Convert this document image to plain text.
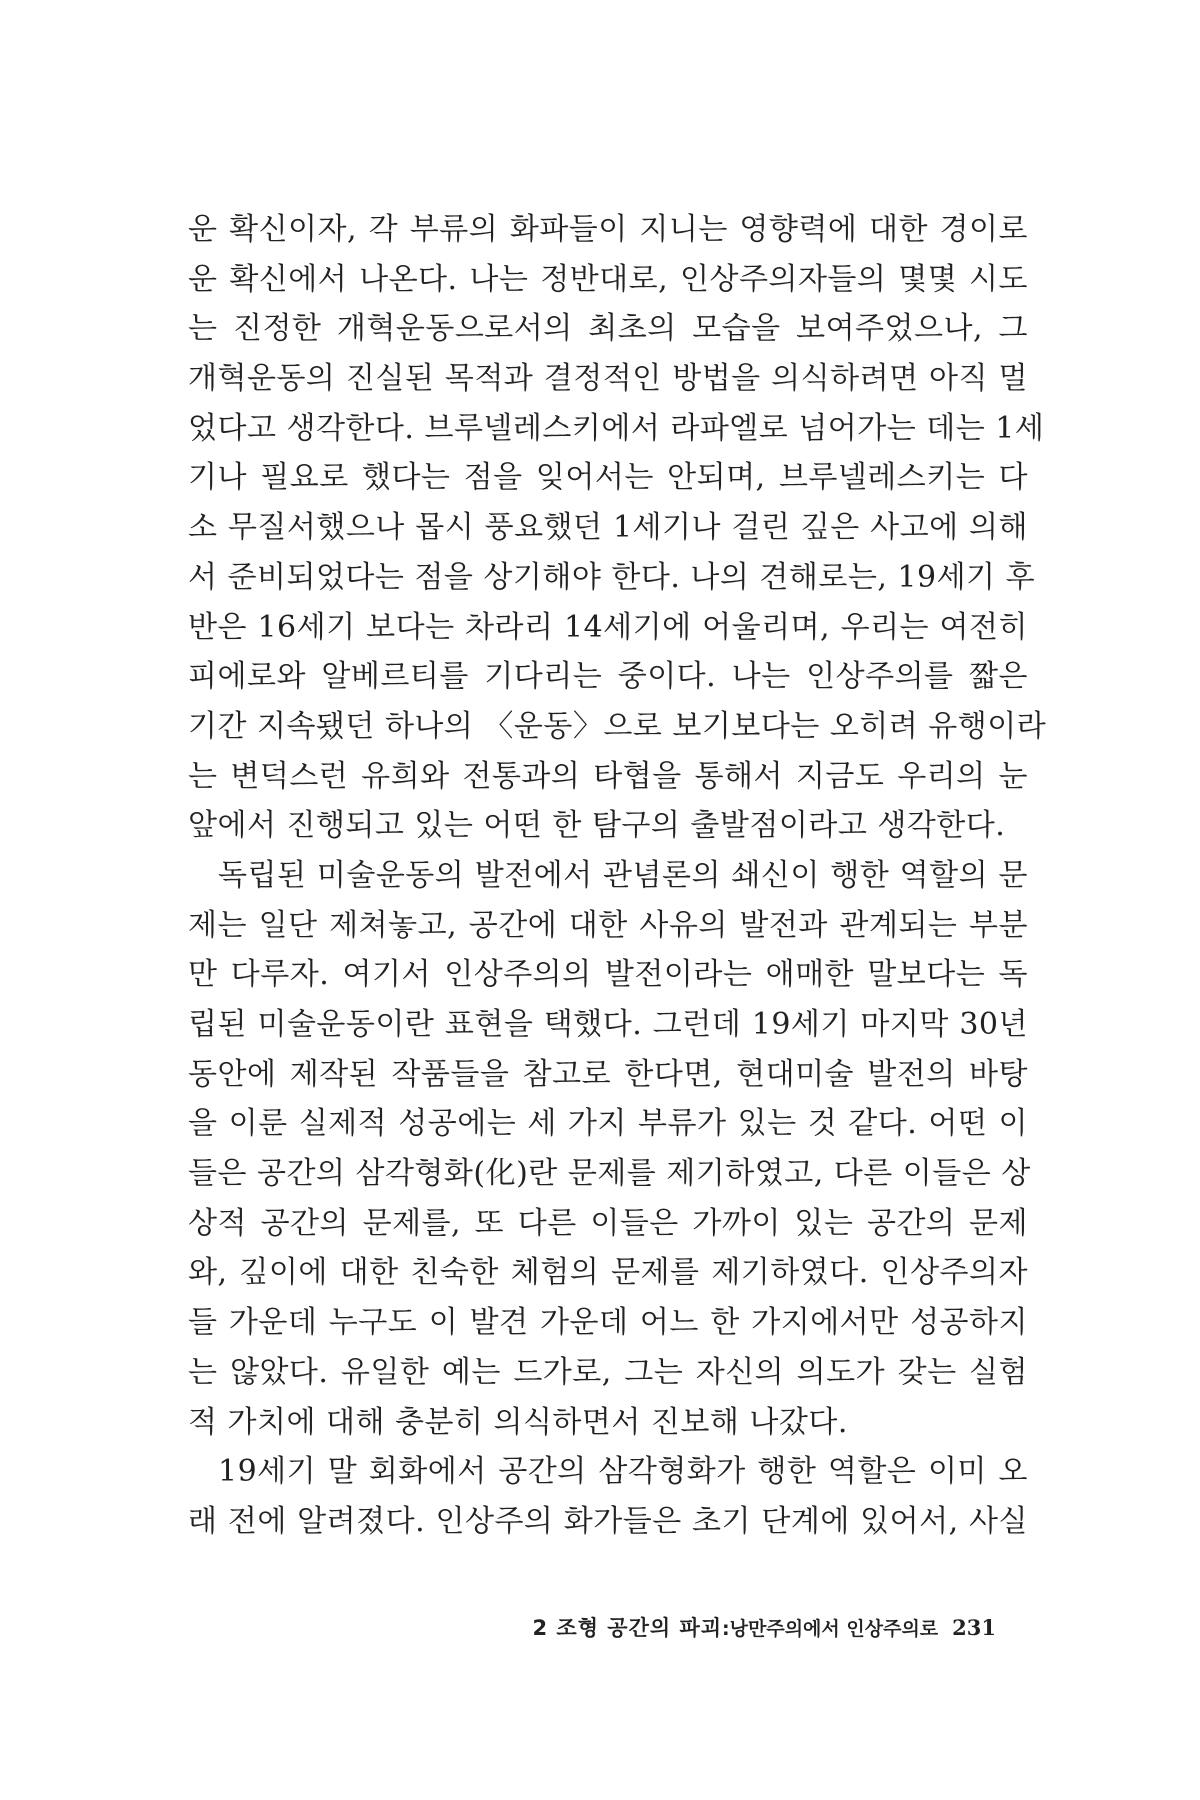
운 확신이자, 각 부류의 화파들이 지니는 영향력에 대한 경이로
운 확신에서 나온다. 나는 정반대로, 인상주의자들의 몇몇 시도
는 진정한 개혁운동으로서의 최초의 모습을 보여주었으나, 그
개혁운동의 진실된 목적과 결정적인 방법을 의식하려면 아직 멀
었다고 생각한다. 브루넬레스키에서 라파엘로 넘어가는 데는 1세
기나 필요로 했다는 점을 잊어서는 안되며, 브루넬레스키는 다
소 무질서했으나 몹시 풍요했던 1세기나 걸린 깊은 사고에 의해
서 준비되었다는 점을 상기해야 한다. 나의 견해로는, 19세기 후
반은 16세기 보다는 차라리 14세기에 어울리며, 우리는 여전히
피에로와 알베르티를 기다리는 중이다. 나는 인상주의를 짧은
기간 지속됐던 하나의 〈운동〉으로 보기보다는 오히려 유행이라
는 변덕스런 유희와 전통과의 타협을 통해서 지금도 우리의 눈
앞에서 진행되고 있는 어떤 한 탐구의 출발점이라고 생각한다.
독립된 미술운동의 발전에서 관념론의 쇄신이 행한 역할의 문
제는 일단 제쳐놓고, 공간에 대한 사유의 발전과 관계되는 부분
만 다루자. 여기서 인상주의의 발전이라는 애매한 말보다는 독
립된 미술운동이란 표현을 택했다. 그런데 19세기 마지막 30년
동안에 제작된 작품들을 참고로 한다면, 현대미술 발전의 바탕
을 이룬 실제적 성공에는 세 가지 부류가 있는 것 같다. 어떤 이
들은 공간의 삼각형화(化)란 문제를 제기하였고, 다른 이들은 상
상적 공간의 문제를, 또 다른 이들은 가까이 있는 공간의 문제
와, 깊이에 대한 친숙한 체험의 문제를 제기하였다. 인상주의자
들 가운데 누구도 이 발견 가운데 어느 한 가지에서만 성공하지
는 않았다. 유일한 예는 드가로, 그는 자신의 의도가 갖는 실험
적 가치에 대해 충분히 의식하면서 진보해 나갔다.
19세기 말 회화에서 공간의 삼각형화가 행한 역할은 이미 오
래 전에 알려졌다. 인상주의 화가들은 초기 단계에 있어서, 사실
2 조형 공간의 파괴:낭만주의에서 인상주의로 231
